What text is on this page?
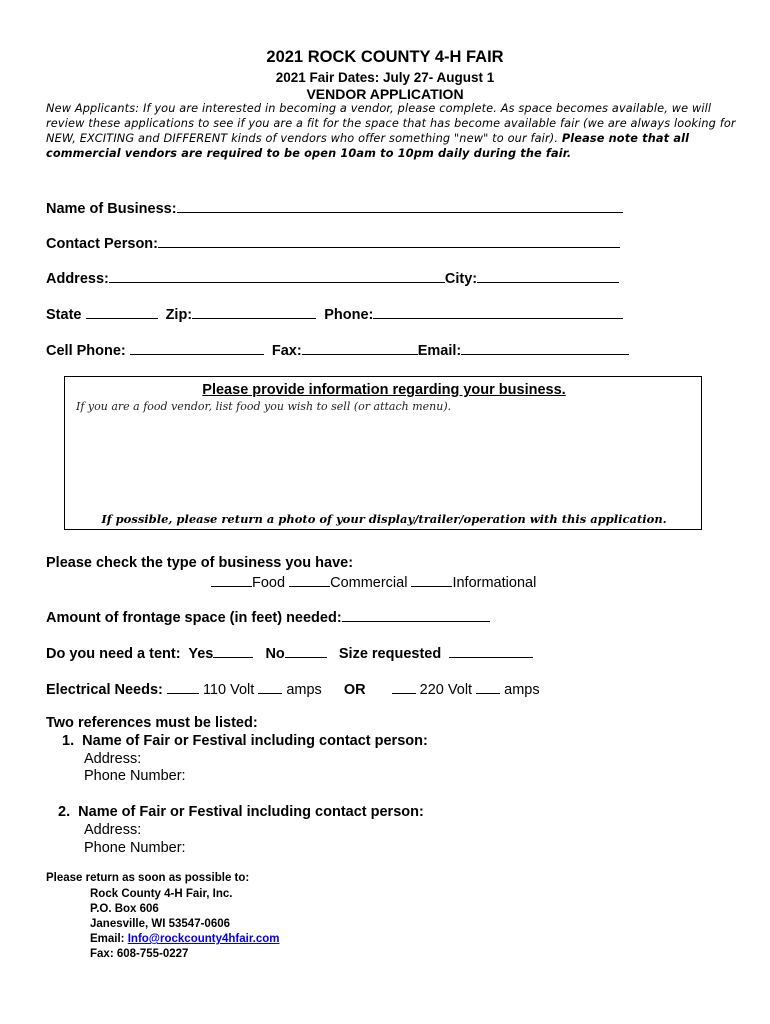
2021 ROCK COUNTY 4-H FAIR
2021 Fair Dates: July 27- August 1
VENDOR APPLICATION
New Applicants: If you are interested in becoming a vendor, please complete. As space becomes available, we will review these applications to see if you are a fit for the space that has become available fair (we are always looking for NEW, EXCITING and DIFFERENT kinds of vendors who offer something "new" to our fair). Please note that all commercial vendors are required to be open 10am to 10pm daily during the fair.
Name of Business:
Contact Person:
Address:	City:
State	Zip:	Phone:
Cell Phone:	Fax:	Email:
Please provide information regarding your business.
If you are a food vendor, list food you wish to sell (or attach menu).
If possible, please return a photo of your display/trailer/operation with this application.
Please check the type of business you have:
Food	Commercial	Informational
Amount of frontage space (in feet) needed:
Do you need a tent: Yes	No	Size requested
Electrical Needs:	110 Volt amps OR	220 Volt amps
Two references must be listed:
1. Name of Fair or Festival including contact person:
Address:
Phone Number:
2. Name of Fair or Festival including contact person:
Address:
Phone Number:
Please return as soon as possible to:
Rock County 4-H Fair, Inc.
P.O. Box 606
Janesville, WI 53547-0606
Email: Info@rockcounty4hfair.com
Fax: 608-755-0227
